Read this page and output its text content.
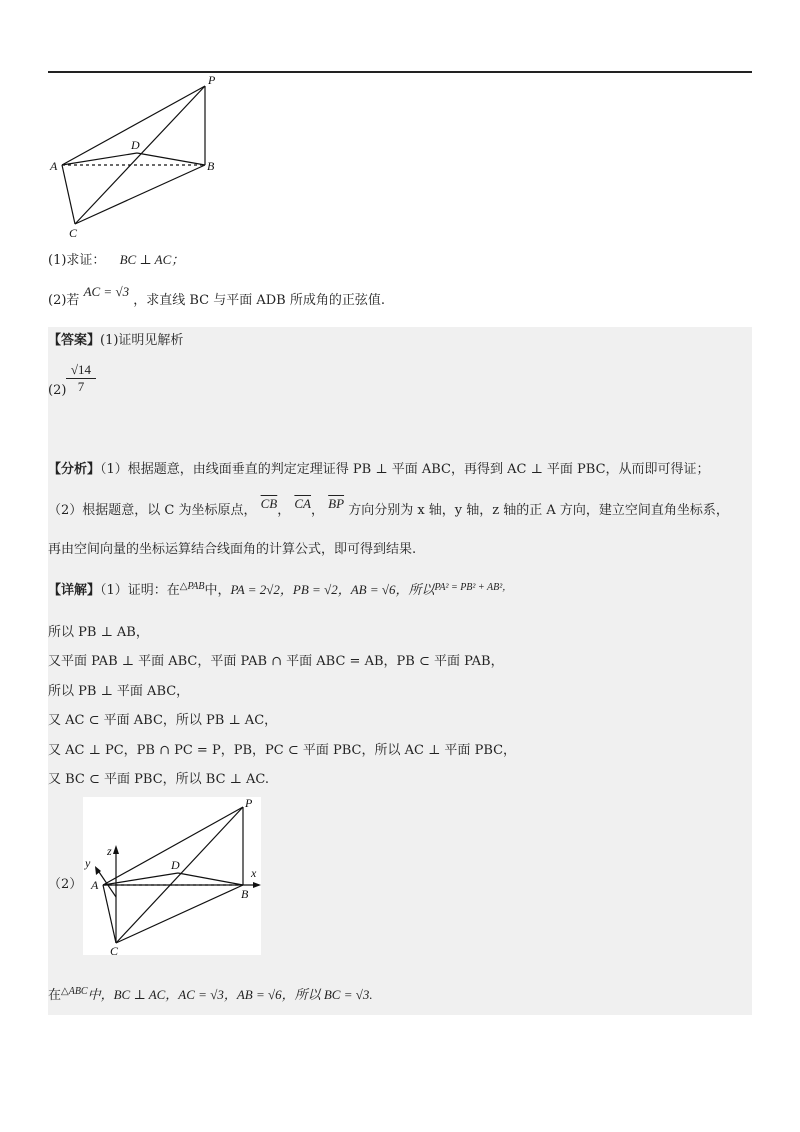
P
A
D
B
C
(1)求证： BC ⊥ AC；
(2)若 AC = √3 ，求直线 BC 与平面 ADB 所成角的正弦值.
【答案】(1)证明见解析
$(2) \frac{√14}{7}$
【分析】（1）根据题意，由线面垂直的判定定理证得 PB ⊥ 平面 ABC，再得到 AC ⊥ 平面 PBC，从而即可得证；
（2）根据题意，以 C 为坐标原点， $\overline{CB}$， $\overline{CA}$， $\overline{BP}$ 方向分别为 x 轴，y 轴，z 轴的正 A 方向，建立空间直角坐标系，
再由空间向量的坐标运算结合线面角的计算公式，即可得到结果.
【详解】（1）证明：在$^{\triangle PAB}$中，PA = 2√2，PB = √2，AB = √6，所以$^{PA^2 = PB^2 + AB^2,}$
所以 PB ⊥ AB，
又平面 PAB ⊥ 平面 ABC，平面 PAB ∩ 平面 ABC = AB，PB ⊂ 平面 PAB，
所以 PB ⊥ 平面 ABC，
又 AC ⊂ 平面 ABC，所以 PB ⊥ AC，
又 AC ⊥ PC，PB ∩ PC = P，PB，PC ⊂ 平面 PBC，所以 AC ⊥ 平面 PBC，
又 BC ⊂ 平面 PBC，所以 BC ⊥ AC.
（2）
z
y
x
P
A
D
B
C
在$^{\triangle ABC}$中，BC ⊥ AC，AC = √3，AB = √6，所以 BC = √3.
